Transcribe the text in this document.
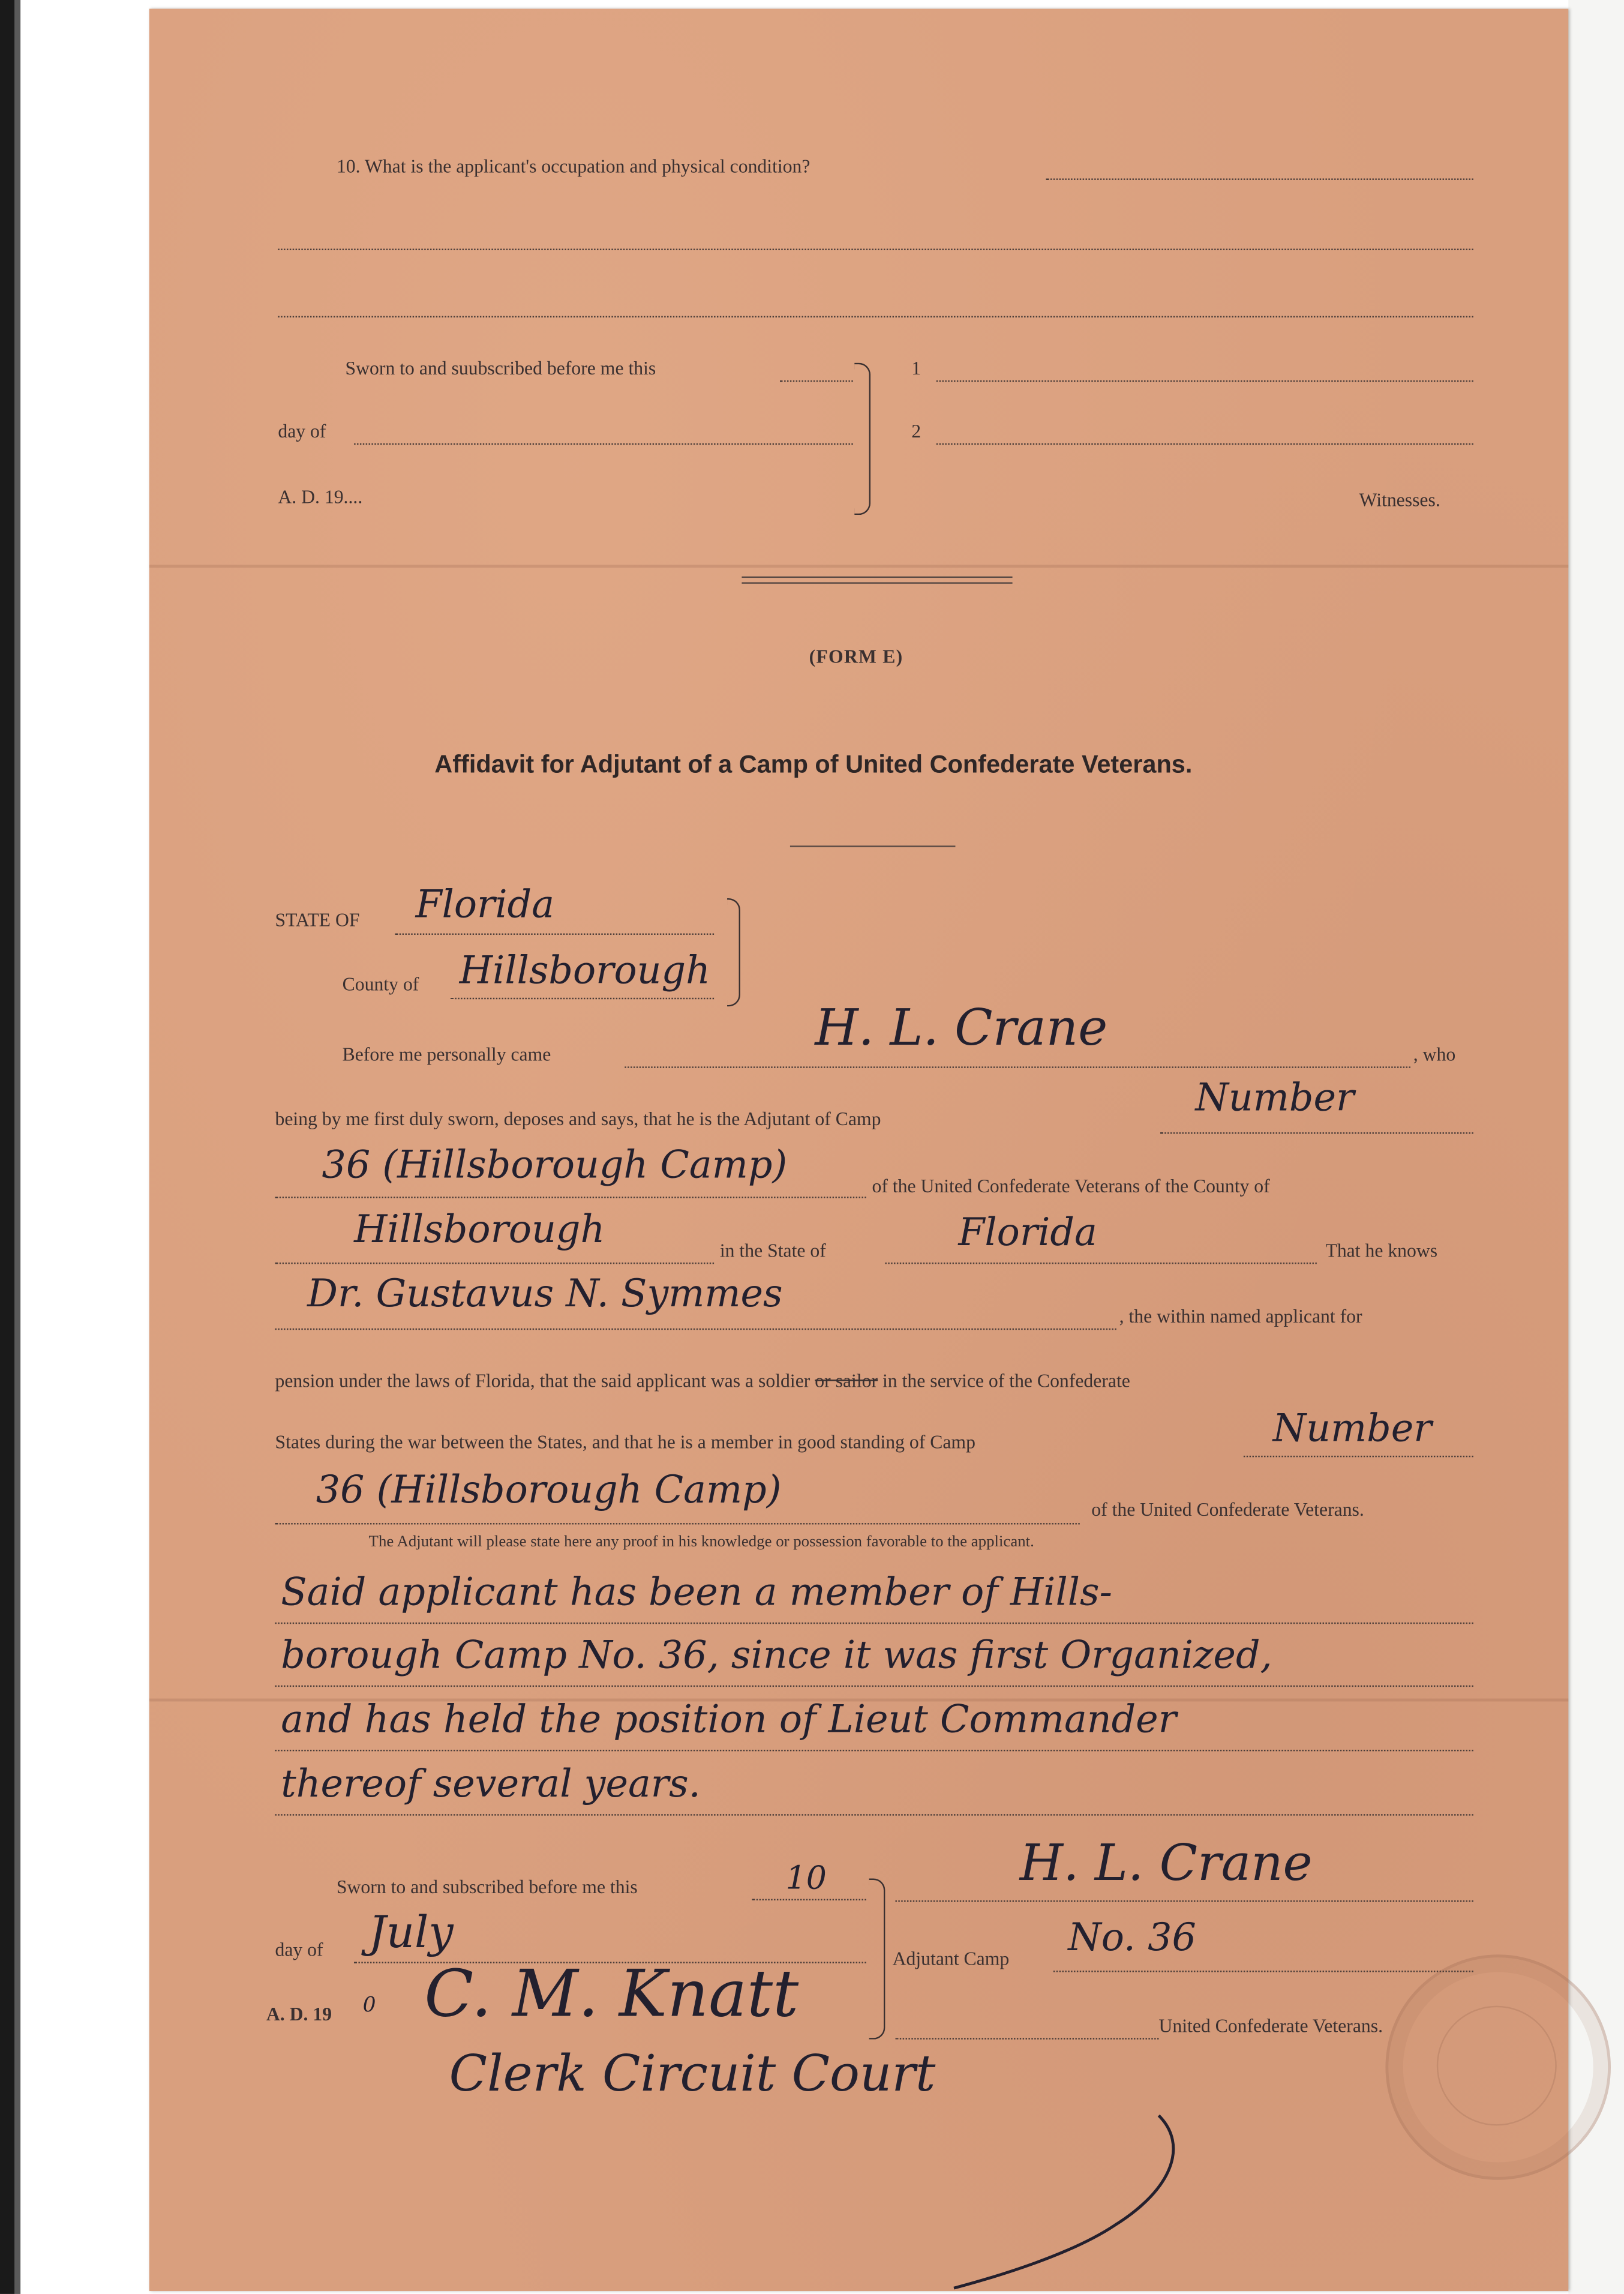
10. What is the applicant's occupation and physical condition?
Sworn to and suubscribed before me this
day of
A. D. 19....
1
2
Witnesses.
(FORM E)
Affidavit for Adjutant of a Camp of United Confederate Veterans.
STATE OF	Florida
County of	Hillsborough
Before me personally came	H. L. Crane	, who
being by me first duly sworn, deposes and says, that he is the Adjutant of Camp	Number
36 (Hillsborough Camp)	of the United Confederate Veterans of the County of
Hillsborough	in the State of	Florida	That he knows
Dr. Gustavus N. Symmes	, the within named applicant for
pension under the laws of Florida, that the said applicant was a soldier or sailor in the service of the Confederate
States during the war between the States, and that he is a member in good standing of Camp	Number
36 (Hillsborough Camp)	of the United Confederate Veterans.
The Adjutant will please state here any proof in his knowledge or possession favorable to the applicant.
Said applicant has been a member of Hills-
borough Camp No. 36, since it was first Organized,
and has held the position of Lieut Commander
thereof several years.
Sworn to and subscribed before me this	10
day of	July
A. D. 19	0
H. L. Crane
Adjutant Camp	No. 36
United Confederate Veterans.
C. M. Knatt
Clerk Circuit Court
